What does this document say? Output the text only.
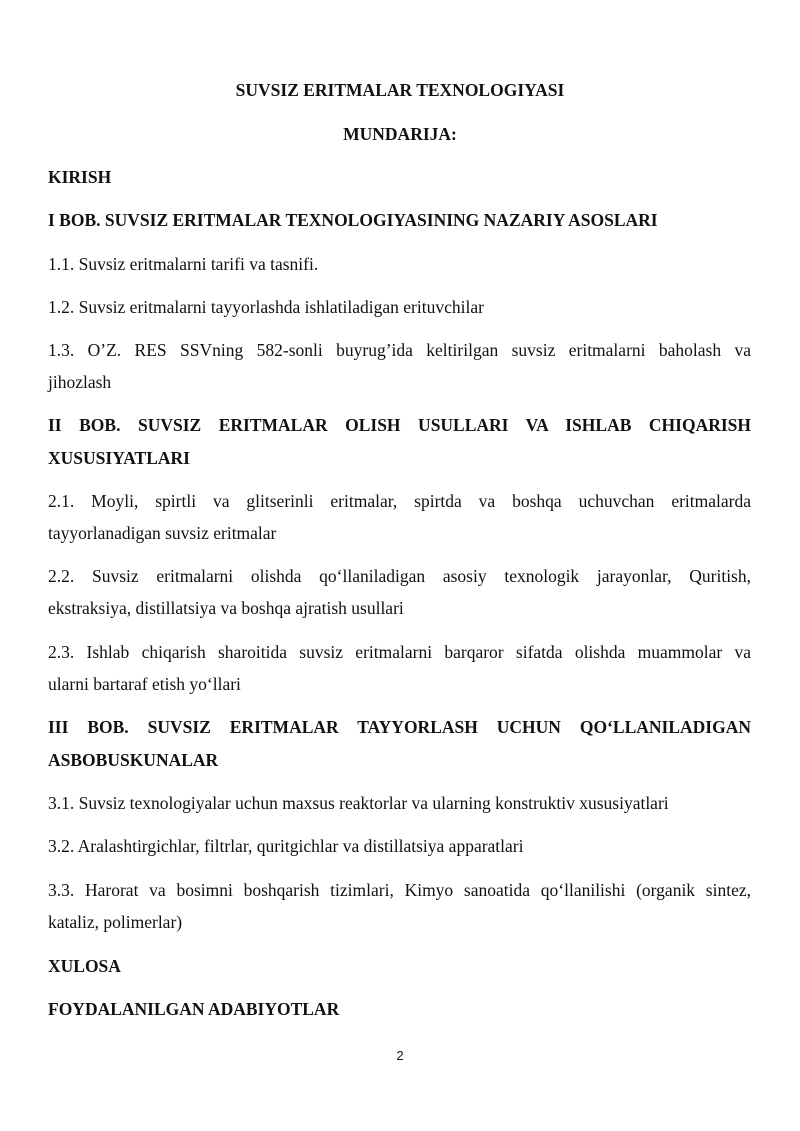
SUVSIZ ERITMALAR TEXNOLOGIYASI
MUNDARIJA:
KIRISH
I BOB. SUVSIZ ERITMALAR TEXNOLOGIYASINING NAZARIY ASOSLARI
1.1. Suvsiz eritmalarni tarifi va tasnifi.
1.2. Suvsiz eritmalarni tayyorlashda ishlatiladigan erituvchilar
1.3. O’Z. RES SSVning 582-sonli buyrug’ida keltirilgan suvsiz eritmalarni baholash va
jihozlash
II BOB. SUVSIZ ERITMALAR OLISH USULLARI VA ISHLAB CHIQARISH
XUSUSIYATLARI
2.1. Moyli, spirtli va glitserinli eritmalar, spirtda va boshqa uchuvchan eritmalarda
tayyorlanadigan suvsiz eritmalar
2.2. Suvsiz eritmalarni olishda qo‘llaniladigan asosiy texnologik jarayonlar, Quritish,
ekstraksiya, distillatsiya va boshqa ajratish usullari
2.3. Ishlab chiqarish sharoitida suvsiz eritmalarni barqaror sifatda olishda muammolar va
ularni bartaraf etish yo‘llari
III BOB. SUVSIZ ERITMALAR TAYYORLASH UCHUN QO‘LLANILADIGAN
ASBOBUSKUNALAR
3.1. Suvsiz texnologiyalar uchun maxsus reaktorlar va ularning konstruktiv xususiyatlari
3.2. Aralashtirgichlar, filtrlar, quritgichlar va distillatsiya apparatlari
3.3. Harorat va bosimni boshqarish tizimlari, Kimyo sanoatida qo‘llanilishi (organik sintez,
kataliz, polimerlar)
XULOSA
FOYDALANILGAN ADABIYOTLAR
2
